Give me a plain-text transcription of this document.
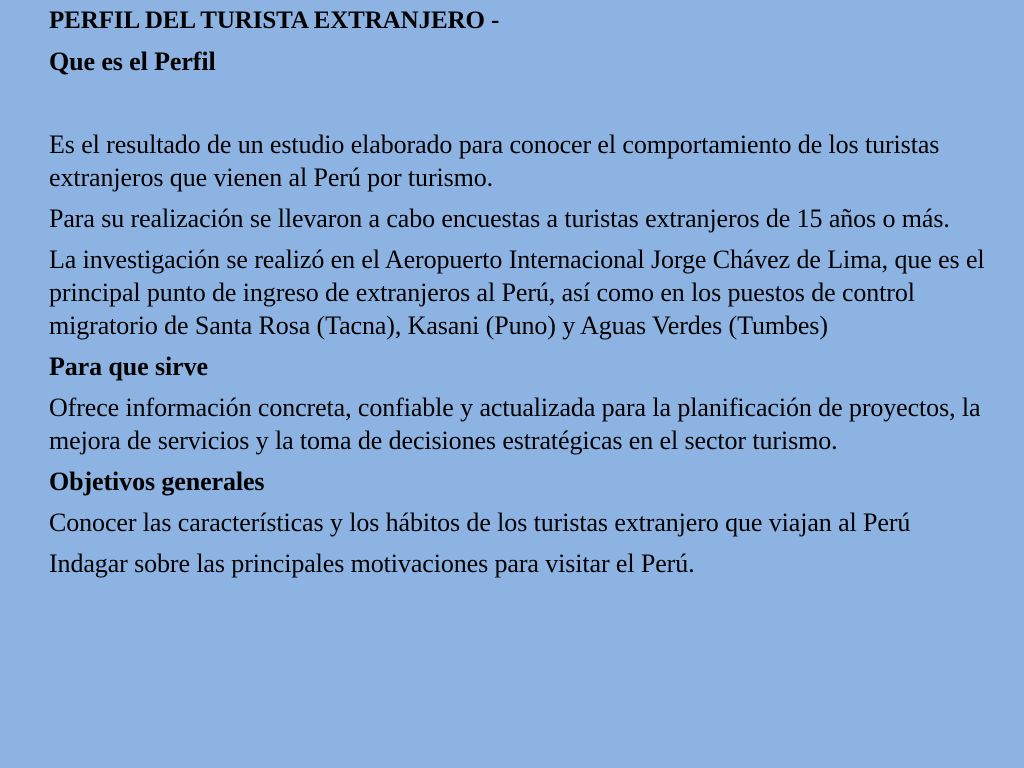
PERFIL DEL TURISTA EXTRANJERO -
Que es el Perfil
Es el resultado de un estudio elaborado para conocer el comportamiento de los turistas extranjeros que vienen al Perú por turismo.
Para su realización se llevaron a cabo encuestas a turistas extranjeros de 15 años o más.
La investigación se realizó en el Aeropuerto Internacional Jorge Chávez de Lima, que es el principal punto de ingreso de extranjeros al Perú, así como en los puestos de control migratorio de Santa Rosa (Tacna), Kasani (Puno) y Aguas Verdes (Tumbes)
Para que sirve
Ofrece información concreta, confiable y actualizada para la planificación de proyectos, la mejora de servicios y la toma de decisiones estratégicas en el sector turismo.
Objetivos generales
Conocer las características y los hábitos de los turistas extranjero que viajan al Perú
Indagar sobre las principales motivaciones para visitar el Perú.
